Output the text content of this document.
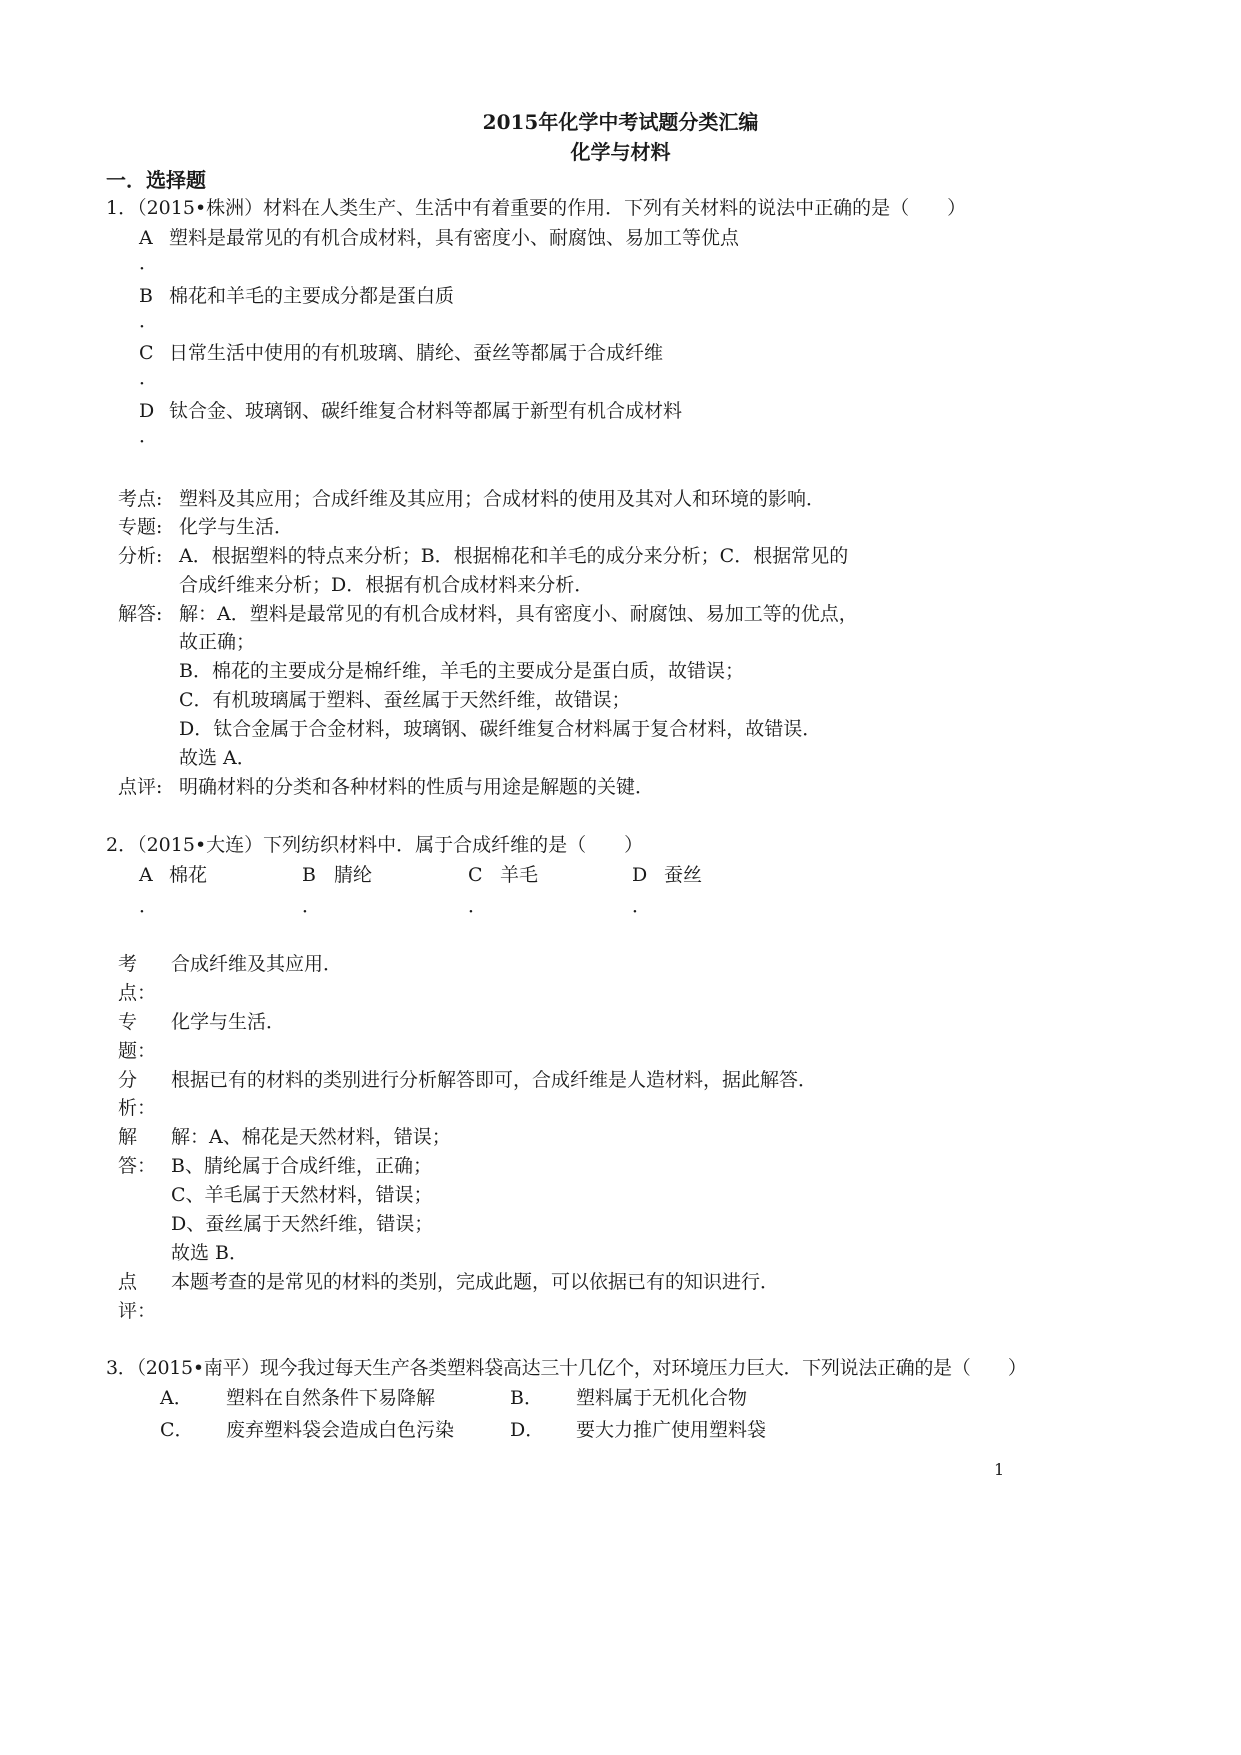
2015年化学中考试题分类汇编
化学与材料
一．选择题
1．（2015•株洲）材料在人类生产、生活中有着重要的作用．下列有关材料的说法中正确的是（　　）
A 塑料是最常见的有机合成材料，具有密度小、耐腐蚀、易加工等优点
．
B 棉花和羊毛的主要成分都是蛋白质
．
C 日常生活中使用的有机玻璃、腈纶、蚕丝等都属于合成纤维
．
D 钛合金、玻璃钢、碳纤维复合材料等都属于新型有机合成材料
．
考点: 塑料及其应用；合成纤维及其应用；合成材料的使用及其对人和环境的影响．
专题: 化学与生活．
分析: A．根据塑料的特点来分析；B．根据棉花和羊毛的成分来分析；C．根据常见的
合成纤维来分析；D．根据有机合成材料来分析．
解答: 解：A．塑料是最常见的有机合成材料，具有密度小、耐腐蚀、易加工等的优点，
故正确；
B．棉花的主要成分是棉纤维，羊毛的主要成分是蛋白质，故错误；
C．有机玻璃属于塑料、蚕丝属于天然纤维，故错误；
D．钛合金属于合金材料，玻璃钢、碳纤维复合材料属于复合材料，故错误．
故选 A．
点评: 明确材料的分类和各种材料的性质与用途是解题的关键．
2．（2015•大连）下列纺织材料中．属于合成纤维的是（　　）
A 棉花
．
B 腈纶
．
C 羊毛
．
D 蚕丝
．
考
点：
合成纤维及其应用．
专
题：
化学与生活．
分
析：
根据已有的材料的类别进行分析解答即可，合成纤维是人造材料，据此解答．
解
答：
解：A、棉花是天然材料，错误；
B、腈纶属于合成纤维，正确；
C、羊毛属于天然材料，错误；
D、蚕丝属于天然纤维，错误；
故选 B．
点
评：
本题考查的是常见的材料的类别，完成此题，可以依据已有的知识进行．
3．（2015•南平）现今我过每天生产各类塑料袋高达三十几亿个，对环境压力巨大．下列说法正确的是（　　）
A． 塑料在自然条件下易降解	B． 塑料属于无机化合物
C． 废弃塑料袋会造成白色污染	D． 要大力推广使用塑料袋
1
